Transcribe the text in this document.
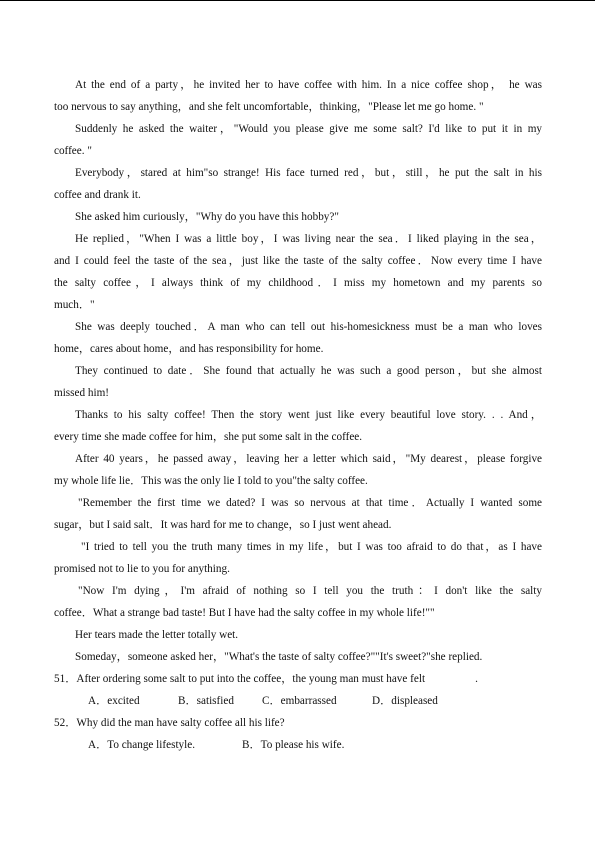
At the end of a party，he invited her to have coffee with him. In a nice coffee shop， he was
too nervous to say anything，and she felt uncomfortable，thinking，"Please let me go home. "
Suddenly he asked the waiter，"Would you please give me some salt? I'd like to put it in my
coffee. "
Everybody，stared at him"so strange! His face turned red，but，still，he put the salt in his
coffee and drank it.
She asked him curiously，"Why do you have this hobby?"
He replied，"When I was a little boy，I was living near the sea．I liked playing in the sea，
and I could feel the taste of the sea，just like the taste of the salty coffee．Now every time I have
the salty coffee，I always think of my childhood．I miss my hometown and my parents so
much．"
She was deeply touched．A man who can tell out his-homesickness must be a man who loves
home，cares about home，and has responsibility for home.
They continued to date．She found that actually he was such a good person，but she almost
missed him!
Thanks to his salty coffee! Then the story went just like every beautiful love story. . . And，
every time she made coffee for him，she put some salt in the coffee.
After 40 years，he passed away，leaving her a letter which said，"My dearest，please forgive
my whole life lie．This was the only lie I told to you"the salty coffee.
"Remember the first time we dated? I was so nervous at that time．Actually I wanted some
sugar，but I said salt．It was hard for me to change，so I just went ahead.
"I tried to tell you the truth many times in my life，but I was too afraid to do that，as I have
promised not to lie to you for anything.
"Now I'm dying，I'm afraid of nothing so I tell you the truth：I don't like the salty
coffee．What a strange bad taste! But I have had the salty coffee in my whole life!""
Her tears made the letter totally wet.
Someday，someone asked her，"What's the taste of salty coffee?""It's sweet?"she replied.
51．After ordering some salt to put into the coffee，the young man must have felt	.
A．excited	B．satisfied	C．embarrassed	D．displeased
52．Why did the man have salty coffee all his life?
A．To change lifestyle.	B．To please his wife.
